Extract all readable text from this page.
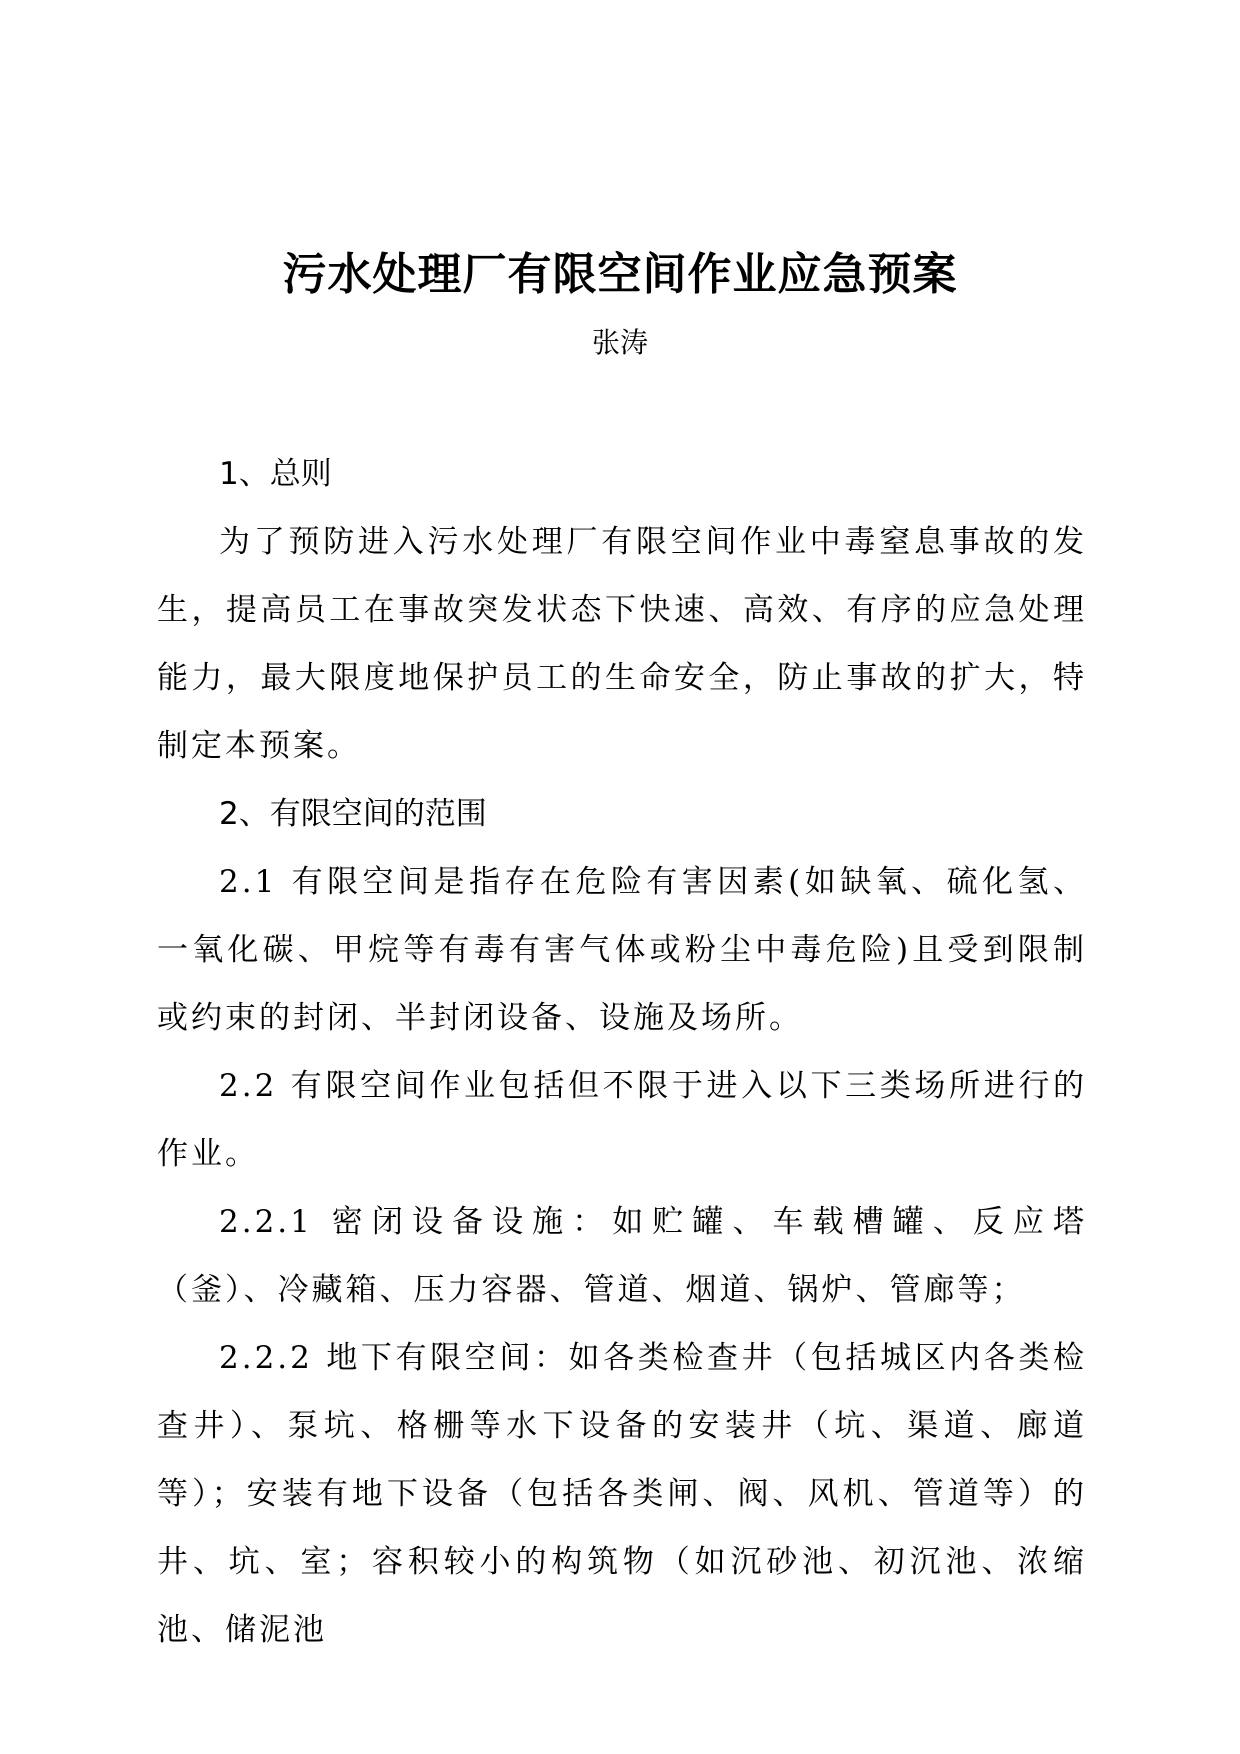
污水处理厂有限空间作业应急预案
张涛

1、总则

为了预防进入污水处理厂有限空间作业中毒窒息事故的发生，提高员工在事故突发状态下快速、高效、有序的应急处理能力，最大限度地保护员工的生命安全，防止事故的扩大，特制定本预案。

2、有限空间的范围

2.1 有限空间是指存在危险有害因素(如缺氧、硫化氢、一氧化碳、甲烷等有毒有害气体或粉尘中毒危险)且受到限制或约束的封闭、半封闭设备、设施及场所。

2.2 有限空间作业包括但不限于进入以下三类场所进行的作业。

2.2.1 密闭设备设施：如贮罐、车载槽罐、反应塔（釜）、冷藏箱、压力容器、管道、烟道、锅炉、管廊等；

2.2.2 地下有限空间：如各类检查井（包括城区内各类检查井）、泵坑、格栅等水下设备的安装井（坑、渠道、廊道等）；安装有地下设备（包括各类闸、阀、风机、管道等）的井、坑、室；容积较小的构筑物（如沉砂池、初沉池、浓缩池、储泥池
